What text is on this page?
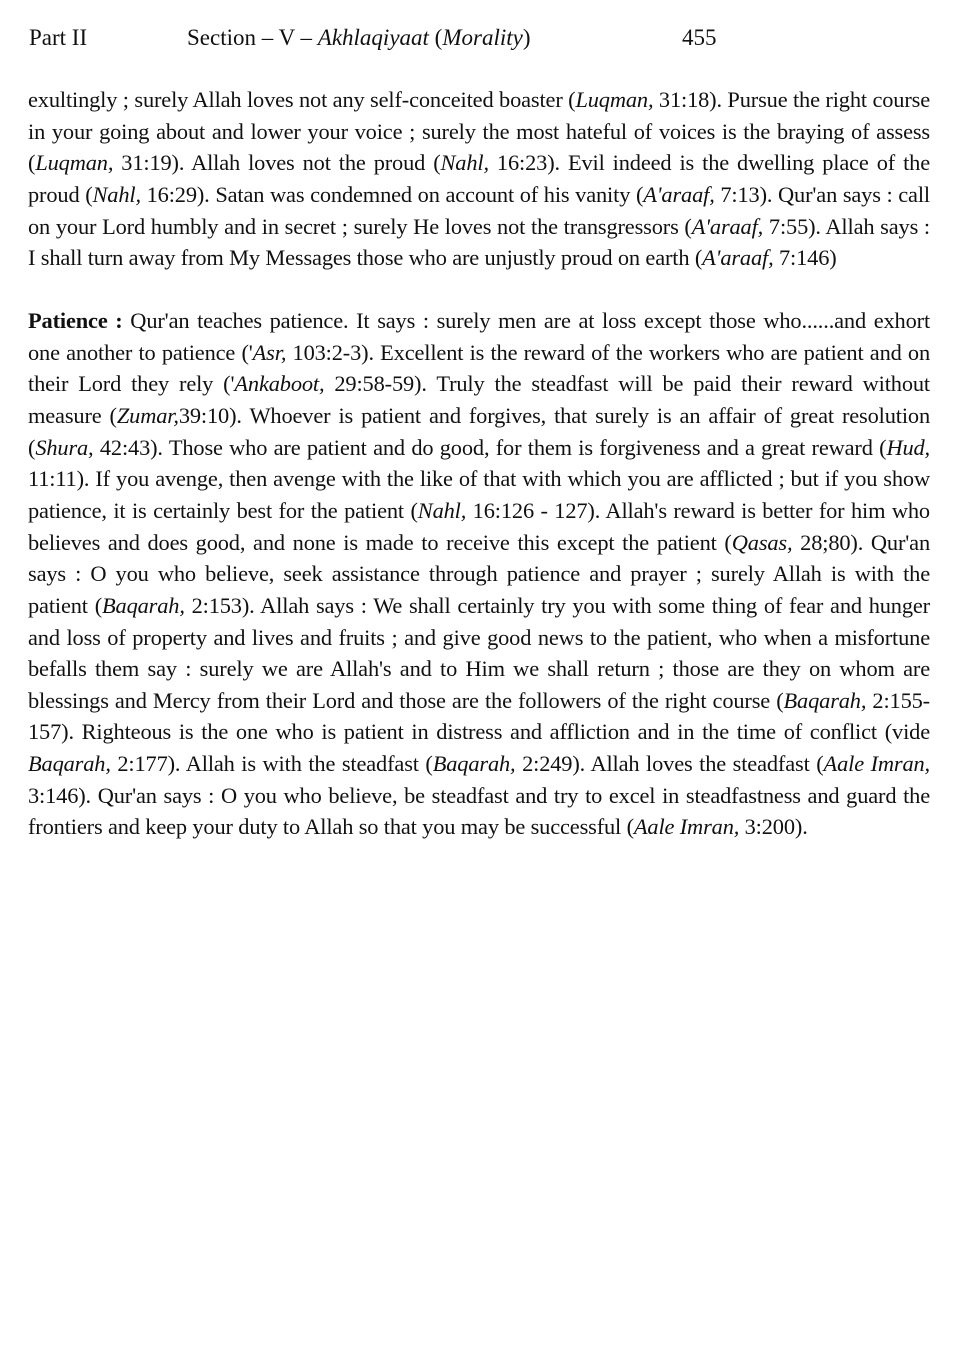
Part II	Section – V – Akhlaqiyaat (Morality)	455

exultingly ; surely Allah loves not any self-conceited boaster (Luqman, 31:18). Pursue the right course in your going about and lower your voice ; surely the most hateful of voices is the braying of assess (Luqman, 31:19). Allah loves not the proud (Nahl, 16:23). Evil indeed is the dwelling place of the proud (Nahl, 16:29). Satan was condemned on account of his vanity (A'araaf, 7:13). Qur'an says : call on your Lord humbly and in secret ; surely He loves not the transgressors (A'araaf, 7:55). Allah says : I shall turn away from My Messages those who are unjustly proud on earth (A'araaf, 7:146)

Patience : Qur'an teaches patience. It says : surely men are at loss except those who......and exhort one another to patience ('Asr, 103:2-3). Excellent is the reward of the workers who are patient and on their Lord they rely ('Ankaboot, 29:58-59). Truly the steadfast will be paid their reward without measure (Zumar,39:10). Whoever is patient and forgives, that surely is an affair of great resolution (Shura, 42:43). Those who are patient and do good, for them is forgiveness and a great reward (Hud, 11:11). If you avenge, then avenge with the like of that with which you are afflicted ; but if you show patience, it is certainly best for the patient (Nahl, 16:126 - 127). Allah's reward is better for him who believes and does good, and none is made to receive this except the patient (Qasas, 28;80). Qur'an says : O you who believe, seek assistance through patience and prayer ; surely Allah is with the patient (Baqarah, 2:153). Allah says : We shall certainly try you with some thing of fear and hunger and loss of property and lives and fruits ; and give good news to the patient, who when a misfortune befalls them say : surely we are Allah's and to Him we shall return ; those are they on whom are blessings and Mercy from their Lord and those are the followers of the right course (Baqarah, 2:155-157). Righteous is the one who is patient in distress and affliction and in the time of conflict (vide Baqarah, 2:177). Allah is with the steadfast (Baqarah, 2:249). Allah loves the steadfast (Aale Imran, 3:146). Qur'an says : O you who believe, be steadfast and try to excel in steadfastness and guard the frontiers and keep your duty to Allah so that you may be successful (Aale Imran, 3:200).
